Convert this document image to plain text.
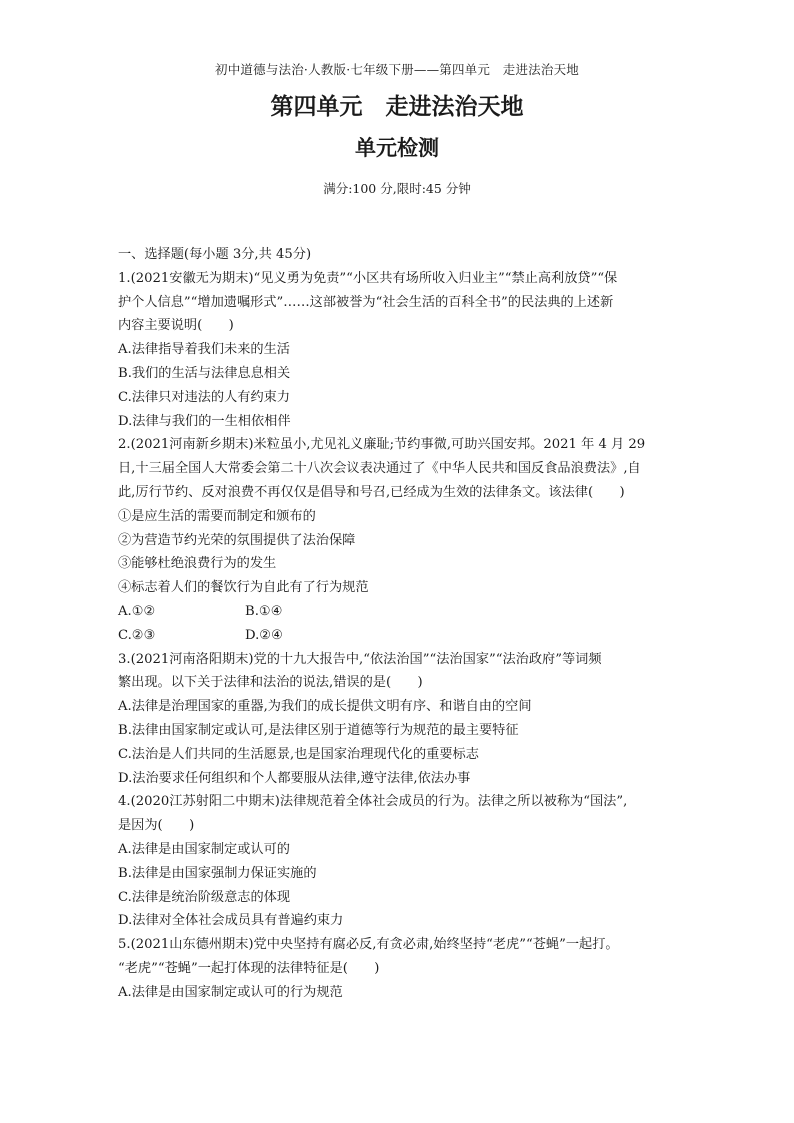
初中道德与法治·人教版·七年级下册——第四单元　走进法治天地
第四单元　走进法治天地
单元检测
满分:100 分,限时:45 分钟
一、选择题(每小题 3分,共 45分)
1.(2021安徽无为期末)“见义勇为免责”“小区共有场所收入归业主”“禁止高利放贷”“保
护个人信息”“增加遗嘱形式”……这部被誉为“社会生活的百科全书”的民法典的上述新
内容主要说明(　　)
A.法律指导着我们未来的生活
B.我们的生活与法律息息相关
C.法律只对违法的人有约束力
D.法律与我们的一生相依相伴
2.(2021河南新乡期末)米粒虽小,尤见礼义廉耻;节约事微,可助兴国安邦。2021 年 4 月 29
日,十三届全国人大常委会第二十八次会议表决通过了《中华人民共和国反食品浪费法》,自
此,厉行节约、反对浪费不再仅仅是倡导和号召,已经成为生效的法律条文。该法律(　　)
①是应生活的需要而制定和颁布的
②为营造节约光荣的氛围提供了法治保障
③能够杜绝浪费行为的发生
④标志着人们的餐饮行为自此有了行为规范
A.①②	B.①④
C.②③	D.②④
3.(2021河南洛阳期末)党的十九大报告中,“依法治国”“法治国家”“法治政府”等词频
繁出现。以下关于法律和法治的说法,错误的是(　　)
A.法律是治理国家的重器,为我们的成长提供文明有序、和谐自由的空间
B.法律由国家制定或认可,是法律区别于道德等行为规范的最主要特征
C.法治是人们共同的生活愿景,也是国家治理现代化的重要标志
D.法治要求任何组织和个人都要服从法律,遵守法律,依法办事
4.(2020江苏射阳二中期末)法律规范着全体社会成员的行为。法律之所以被称为“国法”,
是因为(　　)
A.法律是由国家制定或认可的
B.法律是由国家强制力保证实施的
C.法律是统治阶级意志的体现
D.法律对全体社会成员具有普遍约束力
5.(2021山东德州期末)党中央坚持有腐必反,有贪必肃,始终坚持“老虎”“苍蝇”一起打。
“老虎”“苍蝇”一起打体现的法律特征是(　　)
A.法律是由国家制定或认可的行为规范
